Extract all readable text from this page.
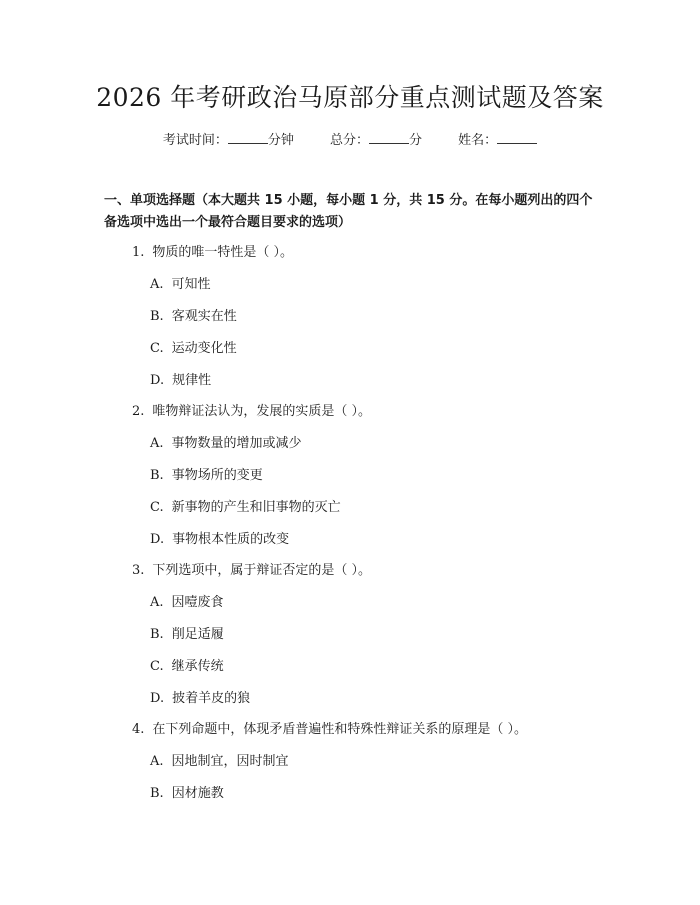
2026 年考研政治马原部分重点测试题及答案
考试时间：	分钟	总分：	分	姓名：
一、单项选择题（本大题共 15 小题，每小题 1 分，共 15 分。在每小题列出的四个备选项中选出一个最符合题目要求的选项）
1. 物质的唯一特性是（ ）。
A. 可知性
B. 客观实在性
C. 运动变化性
D. 规律性
2. 唯物辩证法认为，发展的实质是（ ）。
A. 事物数量的增加或减少
B. 事物场所的变更
C. 新事物的产生和旧事物的灭亡
D. 事物根本性质的改变
3. 下列选项中，属于辩证否定的是（ ）。
A. 因噎废食
B. 削足适履
C. 继承传统
D. 披着羊皮的狼
4. 在下列命题中，体现矛盾普遍性和特殊性辩证关系的原理是（ ）。
A. 因地制宜，因时制宜
B. 因材施教
